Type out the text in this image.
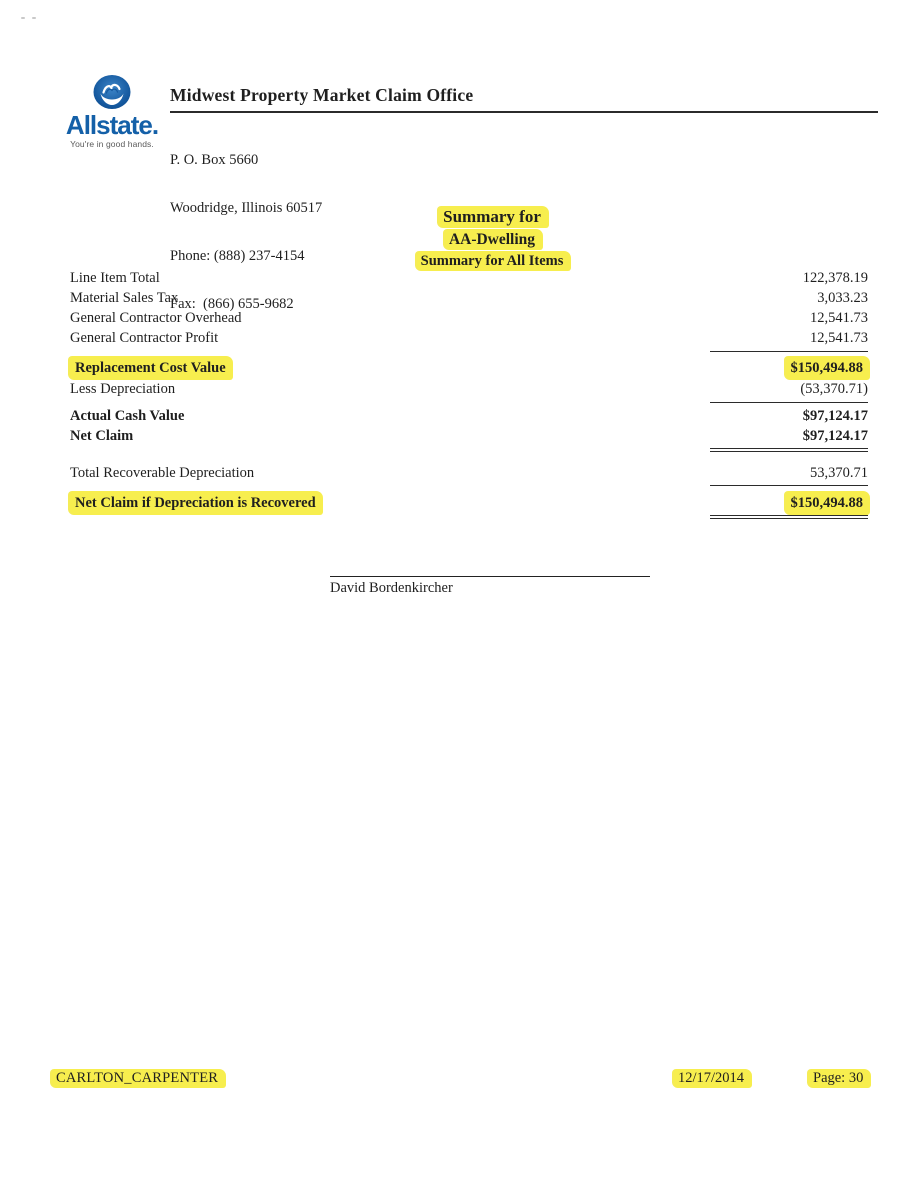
Allstate.
You're in good hands.
Midwest Property Market Claim Office

P. O. Box 5660

Woodridge, Illinois 60517

Phone: (888) 237-4154

Fax:  (866) 655-9682

Summary for
AA-Dwelling
Summary for All Items
Line Item Total	122,378.19
Material Sales Tax	3,033.23
General Contractor Overhead	12,541.73
General Contractor Profit	12,541.73
Replacement Cost Value	$150,494.88
Less Depreciation	(53,370.71)
Actual Cash Value	$97,124.17
Net Claim	$97,124.17
Total Recoverable Depreciation	53,370.71
Net Claim if Depreciation is Recovered	$150,494.88
David Bordenkircher
CARLTON_CARPENTER	12/17/2014	Page: 30
